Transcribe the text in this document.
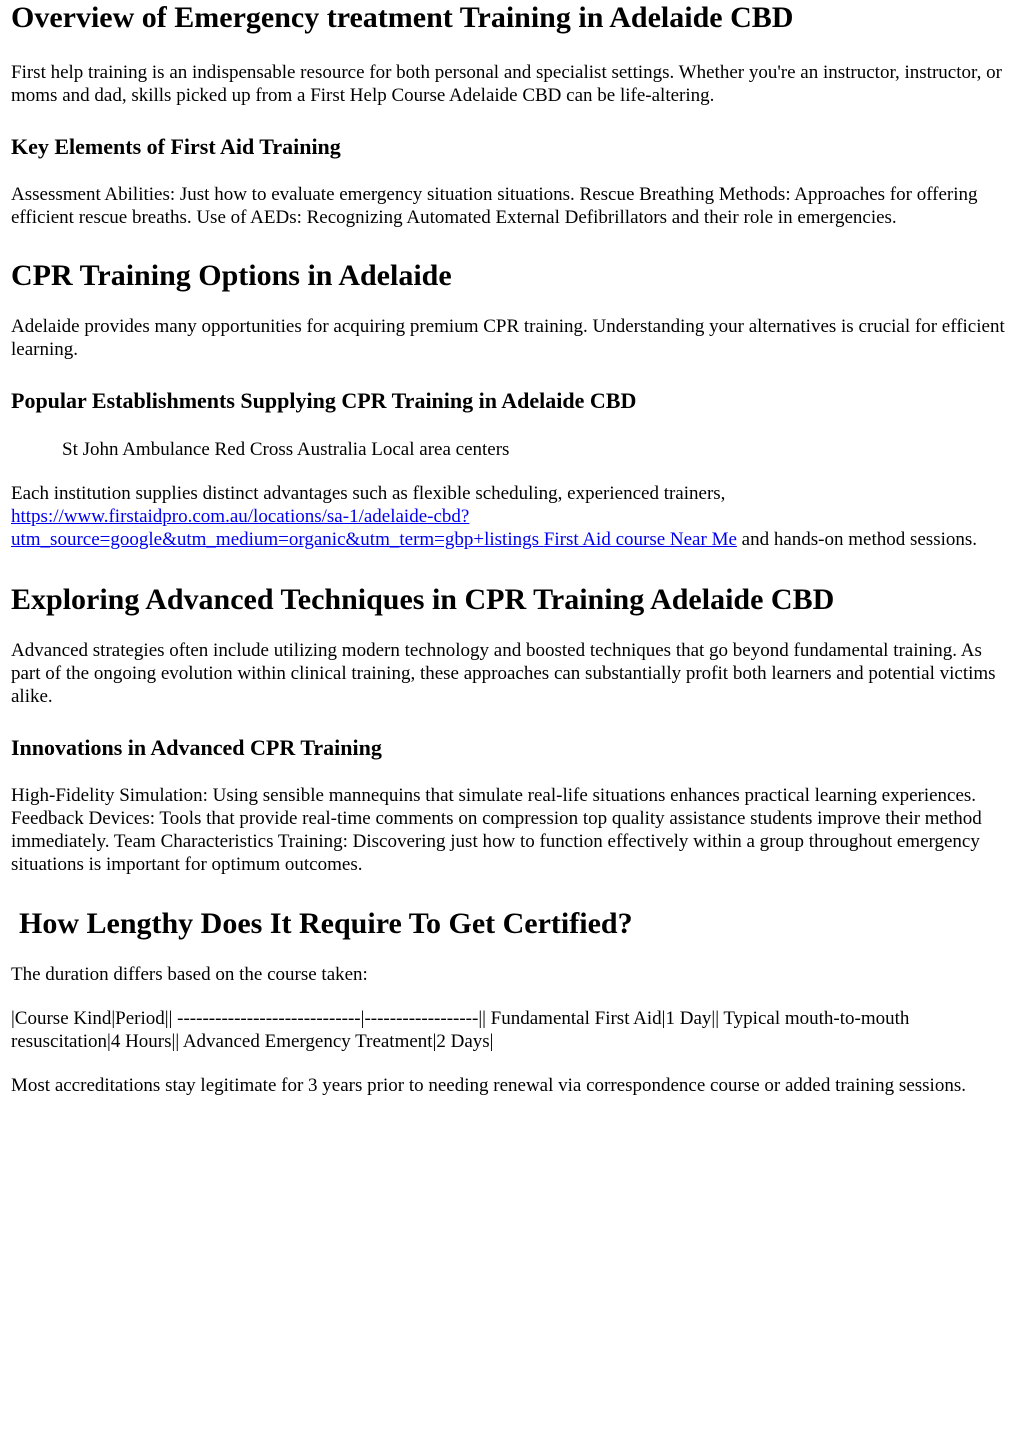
Overview of Emergency treatment Training in Adelaide CBD

First help training is an indispensable resource for both personal and specialist settings. Whether you're an instructor, instructor, or moms and dad, skills picked up from a First Help Course Adelaide CBD can be life-altering.

Key Elements of First Aid Training

Assessment Abilities: Just how to evaluate emergency situation situations. Rescue Breathing Methods: Approaches for offering efficient rescue breaths. Use of AEDs: Recognizing Automated External Defibrillators and their role in emergencies.

CPR Training Options in Adelaide

Adelaide provides many opportunities for acquiring premium CPR training. Understanding your alternatives is crucial for efficient learning.

Popular Establishments Supplying CPR Training in Adelaide CBD

St John Ambulance Red Cross Australia Local area centers

Each institution supplies distinct advantages such as flexible scheduling, experienced trainers, https://www.firstaidpro.com.au/locations/sa-1/adelaide-cbd?
utm_source=google&utm_medium=organic&utm_term=gbp+listings First Aid course Near Me and hands-on method sessions.

Exploring Advanced Techniques in CPR Training Adelaide CBD

Advanced strategies often include utilizing modern technology and boosted techniques that go beyond fundamental training. As part of the ongoing evolution within clinical training, these approaches can substantially profit both learners and potential victims alike.

Innovations in Advanced CPR Training

High-Fidelity Simulation: Using sensible mannequins that simulate real-life situations enhances practical learning experiences. Feedback Devices: Tools that provide real-time comments on compression top quality assistance students improve their method immediately. Team Characteristics Training: Discovering just how to function effectively within a group throughout emergency situations is important for optimum outcomes.

How Lengthy Does It Require To Get Certified?

The duration differs based on the course taken:

|Course Kind|Period|| -----------------------------|------------------|| Fundamental First Aid|1 Day|| Typical mouth-to-mouth resuscitation|4 Hours|| Advanced Emergency Treatment|2 Days|

Most accreditations stay legitimate for 3 years prior to needing renewal via correspondence course or added training sessions.
